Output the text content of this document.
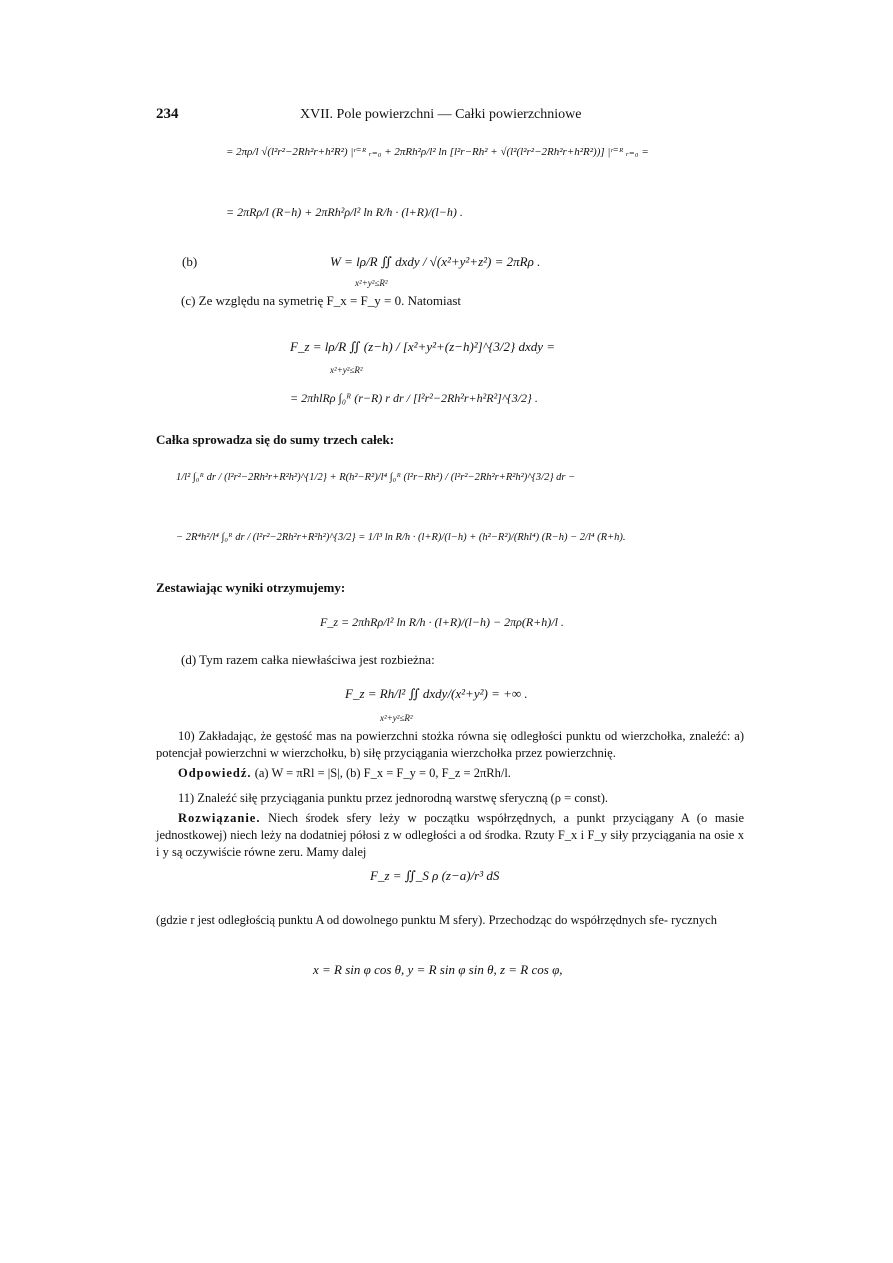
234	XVII. Pole powierzchni — Całki powierzchniowe
= 2πρ/l √(l²r²−2Rh²r+h²R²) |ʳ⁼ᴿ ᵣ₌₀ + 2πRh²ρ/l² ln [l²r−Rh² + √(l²(l²r²−2Rh²r+h²R²))] |ʳ⁼ᴿ ᵣ₌₀ =
= 2πRρ/l (R−h) + 2πRh²ρ/l² ln R/h · (l+R)/(l−h) .
(b)	W = lρ/R ∬ dxdy / √(x²+y²+z²) = 2πRρ .
x²+y²≤R²
(c) Ze względu na symetrię F_x = F_y = 0. Natomiast
F_z = lρ/R ∬ (z−h) / [x²+y²+(z−h)²]^{3/2} dxdy =
x²+y²≤R²
= 2πhlRρ ∫₀ᴿ (r−R) r dr / [l²r²−2Rh²r+h²R²]^{3/2} .
Całka sprowadza się do sumy trzech całek:
1/l² ∫₀ᴿ dr / (l²r²−2Rh²r+R²h²)^{1/2} + R(h²−R²)/l⁴ ∫₀ᴿ (l²r−Rh²) / (l²r²−2Rh²r+R²h²)^{3/2} dr −
− 2R⁴h²/l⁴ ∫₀ᴿ dr / (l²r²−2Rh²r+R²h²)^{3/2} = 1/l³ ln R/h · (l+R)/(l−h) + (h²−R²)/(Rhl⁴) (R−h) − 2/l⁴ (R+h).
Zestawiając wyniki otrzymujemy:
F_z = 2πhRρ/l² ln R/h · (l+R)/(l−h) − 2πρ(R+h)/l .
(d) Tym razem całka niewłaściwa jest rozbieżna:
F_z = Rh/l² ∬ dxdy/(x²+y²) = +∞ .
x²+y²≤R²
10) Zakładając, że gęstość mas na powierzchni stożka równa się odległości punktu od wierzchołka, znaleźć: a) potencjał powierzchni w wierzchołku, b) siłę przyciągania wierzchołka przez powierzchnię.
Odpowiedź. (a) W = πRl = |S|, (b) F_x = F_y = 0, F_z = 2πRh/l.
11) Znaleźć siłę przyciągania punktu przez jednorodną warstwę sferyczną (ρ = const).
Rozwiązanie. Niech środek sfery leży w początku współrzędnych, a punkt przyciągany A (o masie jednostkowej) niech leży na dodatniej półosi z w odległości a od środka. Rzuty F_x i F_y siły przyciągania na osie x i y są oczywiście równe zeru. Mamy dalej
F_z = ∬_S ρ (z−a)/r³ dS
(gdzie r jest odległością punktu A od dowolnego punktu M sfery). Przechodząc do współrzędnych sfe- rycznych
x = R sin φ cos θ, y = R sin φ sin θ, z = R cos φ,
